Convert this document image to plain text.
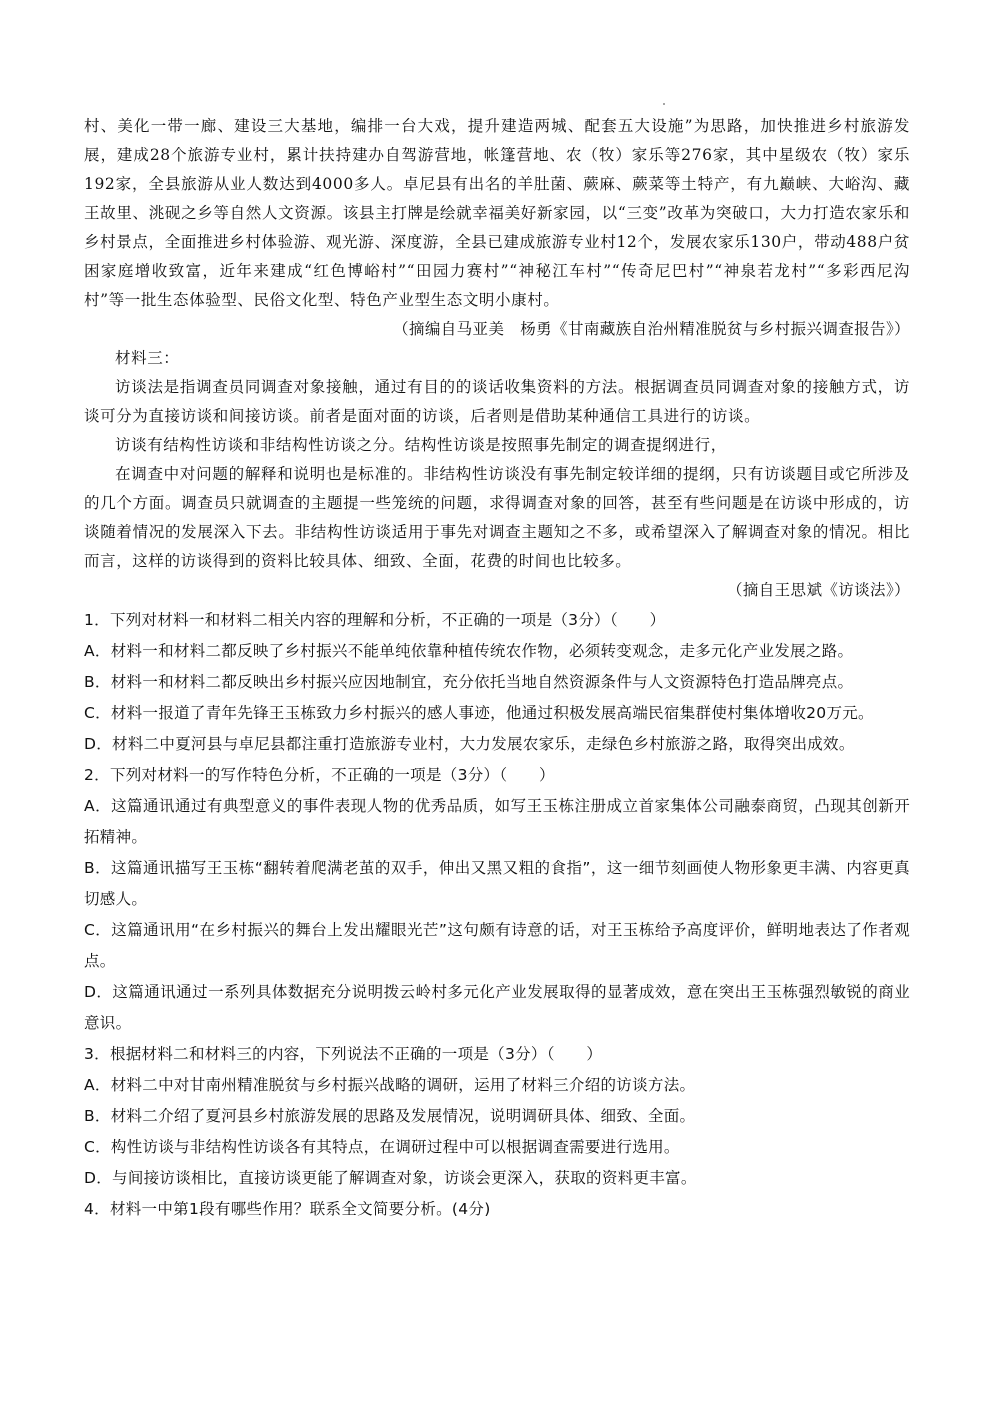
村、美化一带一廊、建设三大基地，编排一台大戏，提升建造两城、配套五大设施”为思路，加快推进乡村旅游发展，建成28个旅游专业村，累计扶持建办自驾游营地，帐篷营地、农（牧）家乐等276家，其中星级农（牧）家乐192家，全县旅游从业人数达到4000多人。卓尼县有出名的羊肚菌、蕨麻、蕨菜等土特产，有九巅峡、大峪沟、藏王故里、洮砚之乡等自然人文资源。该县主打牌是绘就幸福美好新家园，以“三变”改革为突破口，大力打造农家乐和乡村景点，全面推进乡村体验游、观光游、深度游，全县已建成旅游专业村12个，发展农家乐130户，带动488户贫困家庭增收致富，近年来建成“红色博峪村”“田园力赛村”“神秘江车村”“传奇尼巴村”“神泉若龙村”“多彩西尼沟村”等一批生态体验型、民俗文化型、特色产业型生态文明小康村。

（摘编自马亚美　杨勇《甘南藏族自治州精准脱贫与乡村振兴调查报告》）

材料三：

访谈法是指调查员同调查对象接触，通过有目的的谈话收集资料的方法。根据调查员同调查对象的接触方式，访谈可分为直接访谈和间接访谈。前者是面对面的访谈，后者则是借助某种通信工具进行的访谈。

访谈有结构性访谈和非结构性访谈之分。结构性访谈是按照事先制定的调查提纲进行，

在调查中对问题的解释和说明也是标准的。非结构性访谈没有事先制定较详细的提纲，只有访谈题目或它所涉及的几个方面。调查员只就调查的主题提一些笼统的问题，求得调查对象的回答，甚至有些问题是在访谈中形成的，访谈随着情况的发展深入下去。非结构性访谈适用于事先对调查主题知之不多，或希望深入了解调查对象的情况。相比而言，这样的访谈得到的资料比较具体、细致、全面，花费的时间也比较多。

（摘自王思斌《访谈法》）

1．下列对材料一和材料二相关内容的理解和分析，不正确的一项是（3分）（　　）

A．材料一和材料二都反映了乡村振兴不能单纯依靠种植传统农作物，必须转变观念，走多元化产业发展之路。

B．材料一和材料二都反映出乡村振兴应因地制宜，充分依托当地自然资源条件与人文资源特色打造品牌亮点。

C．材料一报道了青年先锋王玉栋致力乡村振兴的感人事迹，他通过积极发展高端民宿集群使村集体增收20万元。

D．材料二中夏河县与卓尼县都注重打造旅游专业村，大力发展农家乐，走绿色乡村旅游之路，取得突出成效。

2．下列对材料一的写作特色分析，不正确的一项是（3分）（　　）

A．这篇通讯通过有典型意义的事件表现人物的优秀品质，如写王玉栋注册成立首家集体公司融泰商贸，凸现其创新开拓精神。

B．这篇通讯描写王玉栋“翻转着爬满老茧的双手，伸出又黑又粗的食指”，这一细节刻画使人物形象更丰满、内容更真切感人。

C．这篇通讯用“在乡村振兴的舞台上发出耀眼光芒”这句颇有诗意的话，对王玉栋给予高度评价，鲜明地表达了作者观点。

D．这篇通讯通过一系列具体数据充分说明拨云岭村多元化产业发展取得的显著成效，意在突出王玉栋强烈敏锐的商业意识。

3．根据材料二和材料三的内容，下列说法不正确的一项是（3分）（　　）

A．材料二中对甘南州精准脱贫与乡村振兴战略的调研，运用了材料三介绍的访谈方法。

B．材料二介绍了夏河县乡村旅游发展的思路及发展情况，说明调研具体、细致、全面。

C．构性访谈与非结构性访谈各有其特点，在调研过程中可以根据调查需要进行选用。

D．与间接访谈相比，直接访谈更能了解调查对象，访谈会更深入，获取的资料更丰富。

4．材料一中第1段有哪些作用？联系全文简要分析。(4分)
